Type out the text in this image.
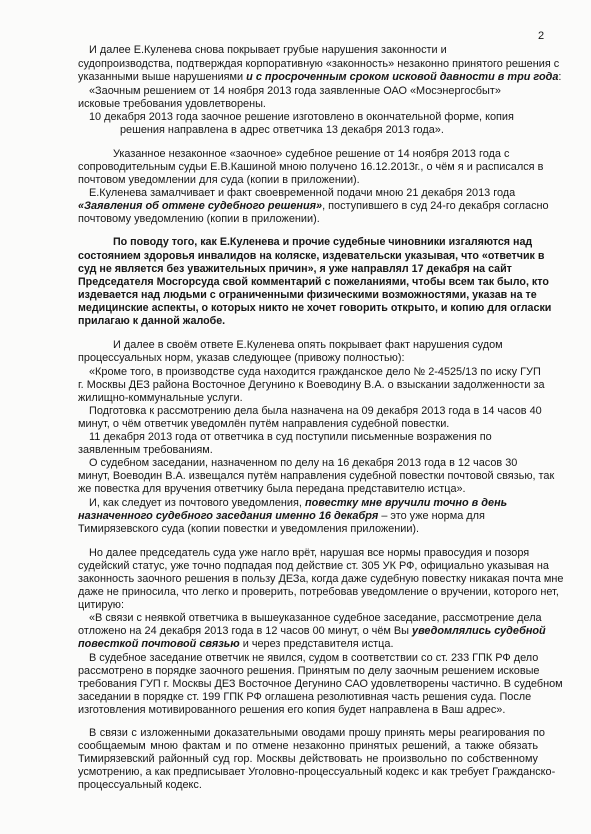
2
И далее Е.Куленева снова покрывает грубые нарушения законности и
судопроизводства, подтверждая корпоративную «законность» незаконно принятого решения с
указанными выше нарушениями и с просроченным сроком исковой давности в три года:
«Заочным решением от 14 ноября 2013 года заявленные ОАО «Мосэнергосбыт»
исковые требования удовлетворены.
10 декабря 2013 года заочное решение изготовлено в окончательной форме, копия
решения направлена в адрес ответчика 13 декабря 2013 года».
Указанное незаконное «заочное» судебное решение от 14 ноября 2013 года с
сопроводительным судьи Е.В.Кашиной мною получено 16.12.2013г., о чём я и расписался в
почтовом уведомлении для суда (копии в приложении).
Е.Куленева замалчивает и факт своевременной подачи мною 21 декабря 2013 года
«Заявления об отмене судебного решения», поступившего в суд 24-го декабря согласно
почтовому уведомлению (копии в приложении).
По поводу того, как Е.Куленева и прочие судебные чиновники изгаляются над
состоянием здоровья инвалидов на коляске, издевательски указывая, что «ответчик в
суд не является без уважительных причин», я уже направлял 17 декабря на сайт
Председателя Мосгорсуда свой комментарий с пожеланиями, чтобы всем так было, кто
издевается над людьми с ограниченными физическими возможностями, указав на те
медицинские аспекты, о которых никто не хочет говорить открыто, и копию для огласки
прилагаю к данной жалобе.
И далее в своём ответе Е.Куленева опять покрывает факт нарушения судом
процессуальных норм, указав следующее (привожу полностью):
«Кроме того, в производстве суда находится гражданское дело № 2-4525/13 по иску ГУП
г. Москвы ДЕЗ района Восточное Дегунино к Воеводину В.А. о взыскании задолженности за
жилищно-коммунальные услуги.
Подготовка к рассмотрению дела была назначена на 09 декабря 2013 года в 14 часов 40
минут, о чём ответчик уведомлён путём направления судебной повестки.
11 декабря 2013 года от ответчика в суд поступили письменные возражения по
заявленным требованиям.
О судебном заседании, назначенном по делу на 16 декабря 2013 года в 12 часов 30
минут, Воеводин В.А. извещался путём направления судебной повестки почтовой связью, так
же повестка для вручения ответчику была передана представителю истца».
И, как следует из почтового уведомления, повестку мне вручили точно в день
назначенного судебного заседания именно 16 декабря – это уже норма для
Тимирязевского суда (копии повестки и уведомления приложении).
Но далее председатель суда уже нагло врёт, нарушая все нормы правосудия и позоря
судейский статус, уже точно подпадая под действие ст. 305 УК РФ, официально указывая на
законность заочного решения в пользу ДЕЗа, когда даже судебную повестку никакая почта мне
даже не приносила, что легко и проверить, потребовав уведомление о вручении, которого нет,
цитирую:
«В связи с неявкой ответчика в вышеуказанное судебное заседание, рассмотрение дела
отложено на 24 декабря 2013 года в 12 часов 00 минут, о чём Вы уведомлялись судебной
повесткой почтовой связью и через представителя истца.
В судебное заседание ответчик не явился, судом в соответствии со ст. 233 ГПК РФ дело
рассмотрено в порядке заочного решения. Принятым по делу заочным решением исковые
требования ГУП г. Москвы ДЕЗ Восточное Дегунино САО удовлетворены частично. В судебном
заседании в порядке ст. 199 ГПК РФ оглашена резолютивная часть решения суда. После
изготовления мотивированного решения его копия будет направлена в Ваш адрес».
В связи с изложенными доказательными оводами прошу принять меры реагирования по
сообщаемым мною фактам и по отмене незаконно принятых решений, а также обязать
Тимирязевский районный суд гор. Москвы действовать не произвольно по собственному
усмотрению, а как предписывает Уголовно-процессуальный кодекс и как требует Гражданско-
процессуальный кодекс.
